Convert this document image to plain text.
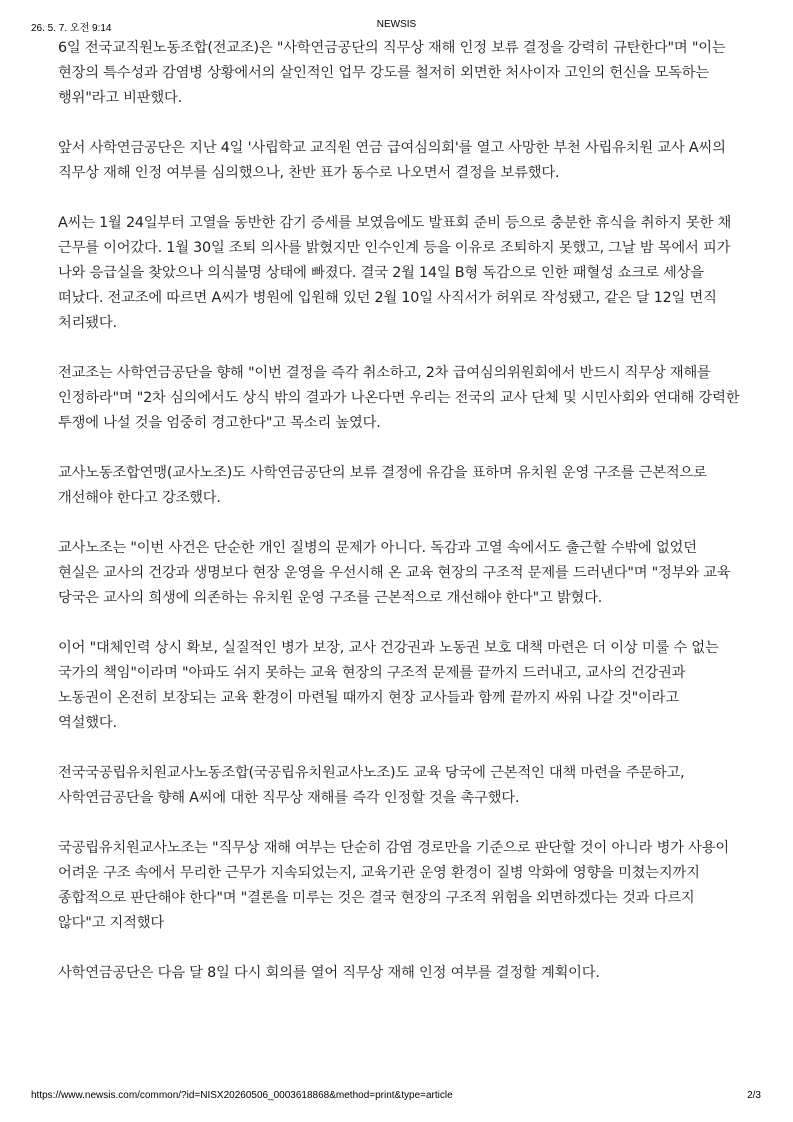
26. 5. 7. 오전 9:14	NEWSIS

6일 전국교직원노동조합(전교조)은 "사학연금공단의 직무상 재해 인정 보류 결정을 강력히 규탄한다"며 "이는 현장의 특수성과 감염병 상황에서의 살인적인 업무 강도를 철저히 외면한 처사이자 고인의 헌신을 모독하는 행위"라고 비판했다.

앞서 사학연금공단은 지난 4일 '사립학교 교직원 연금 급여심의회'를 열고 사망한 부천 사립유치원 교사 A씨의 직무상 재해 인정 여부를 심의했으나, 찬반 표가 동수로 나오면서 결정을 보류했다.

A씨는 1월 24일부터 고열을 동반한 감기 증세를 보였음에도 발표회 준비 등으로 충분한 휴식을 취하지 못한 채 근무를 이어갔다. 1월 30일 조퇴 의사를 밝혔지만 인수인계 등을 이유로 조퇴하지 못했고, 그날 밤 목에서 피가 나와 응급실을 찾았으나 의식불명 상태에 빠졌다. 결국 2월 14일 B형 독감으로 인한 패혈성 쇼크로 세상을 떠났다. 전교조에 따르면 A씨가 병원에 입원해 있던 2월 10일 사직서가 허위로 작성됐고, 같은 달 12일 면직 처리됐다.

전교조는 사학연금공단을 향해 "이번 결정을 즉각 취소하고, 2차 급여심의위원회에서 반드시 직무상 재해를 인정하라"며 "2차 심의에서도 상식 밖의 결과가 나온다면 우리는 전국의 교사 단체 및 시민사회와 연대해 강력한 투쟁에 나설 것을 엄중히 경고한다"고 목소리 높였다.

교사노동조합연맹(교사노조)도 사학연금공단의 보류 결정에 유감을 표하며 유치원 운영 구조를 근본적으로 개선해야 한다고 강조했다.

교사노조는 "이번 사건은 단순한 개인 질병의 문제가 아니다. 독감과 고열 속에서도 출근할 수밖에 없었던 현실은 교사의 건강과 생명보다 현장 운영을 우선시해 온 교육 현장의 구조적 문제를 드러낸다"며 "정부와 교육 당국은 교사의 희생에 의존하는 유치원 운영 구조를 근본적으로 개선해야 한다"고 밝혔다.

이어 "대체인력 상시 확보, 실질적인 병가 보장, 교사 건강권과 노동권 보호 대책 마련은 더 이상 미룰 수 없는 국가의 책임"이라며 "아파도 쉬지 못하는 교육 현장의 구조적 문제를 끝까지 드러내고, 교사의 건강권과 노동권이 온전히 보장되는 교육 환경이 마련될 때까지 현장 교사들과 함께 끝까지 싸워 나갈 것"이라고 역설했다.

전국국공립유치원교사노동조합(국공립유치원교사노조)도 교육 당국에 근본적인 대책 마련을 주문하고, 사학연금공단을 향해 A씨에 대한 직무상 재해를 즉각 인정할 것을 촉구했다.

국공립유치원교사노조는 "직무상 재해 여부는 단순히 감염 경로만을 기준으로 판단할 것이 아니라 병가 사용이 어려운 구조 속에서 무리한 근무가 지속되었는지, 교육기관 운영 환경이 질병 악화에 영향을 미쳤는지까지 종합적으로 판단해야 한다"며 "결론을 미루는 것은 결국 현장의 구조적 위험을 외면하겠다는 것과 다르지 않다"고 지적했다

사학연금공단은 다음 달 8일 다시 회의를 열어 직무상 재해 인정 여부를 결정할 계획이다.

https://www.newsis.com/common/?id=NISX20260506_0003618868&method=print&type=article	2/3
